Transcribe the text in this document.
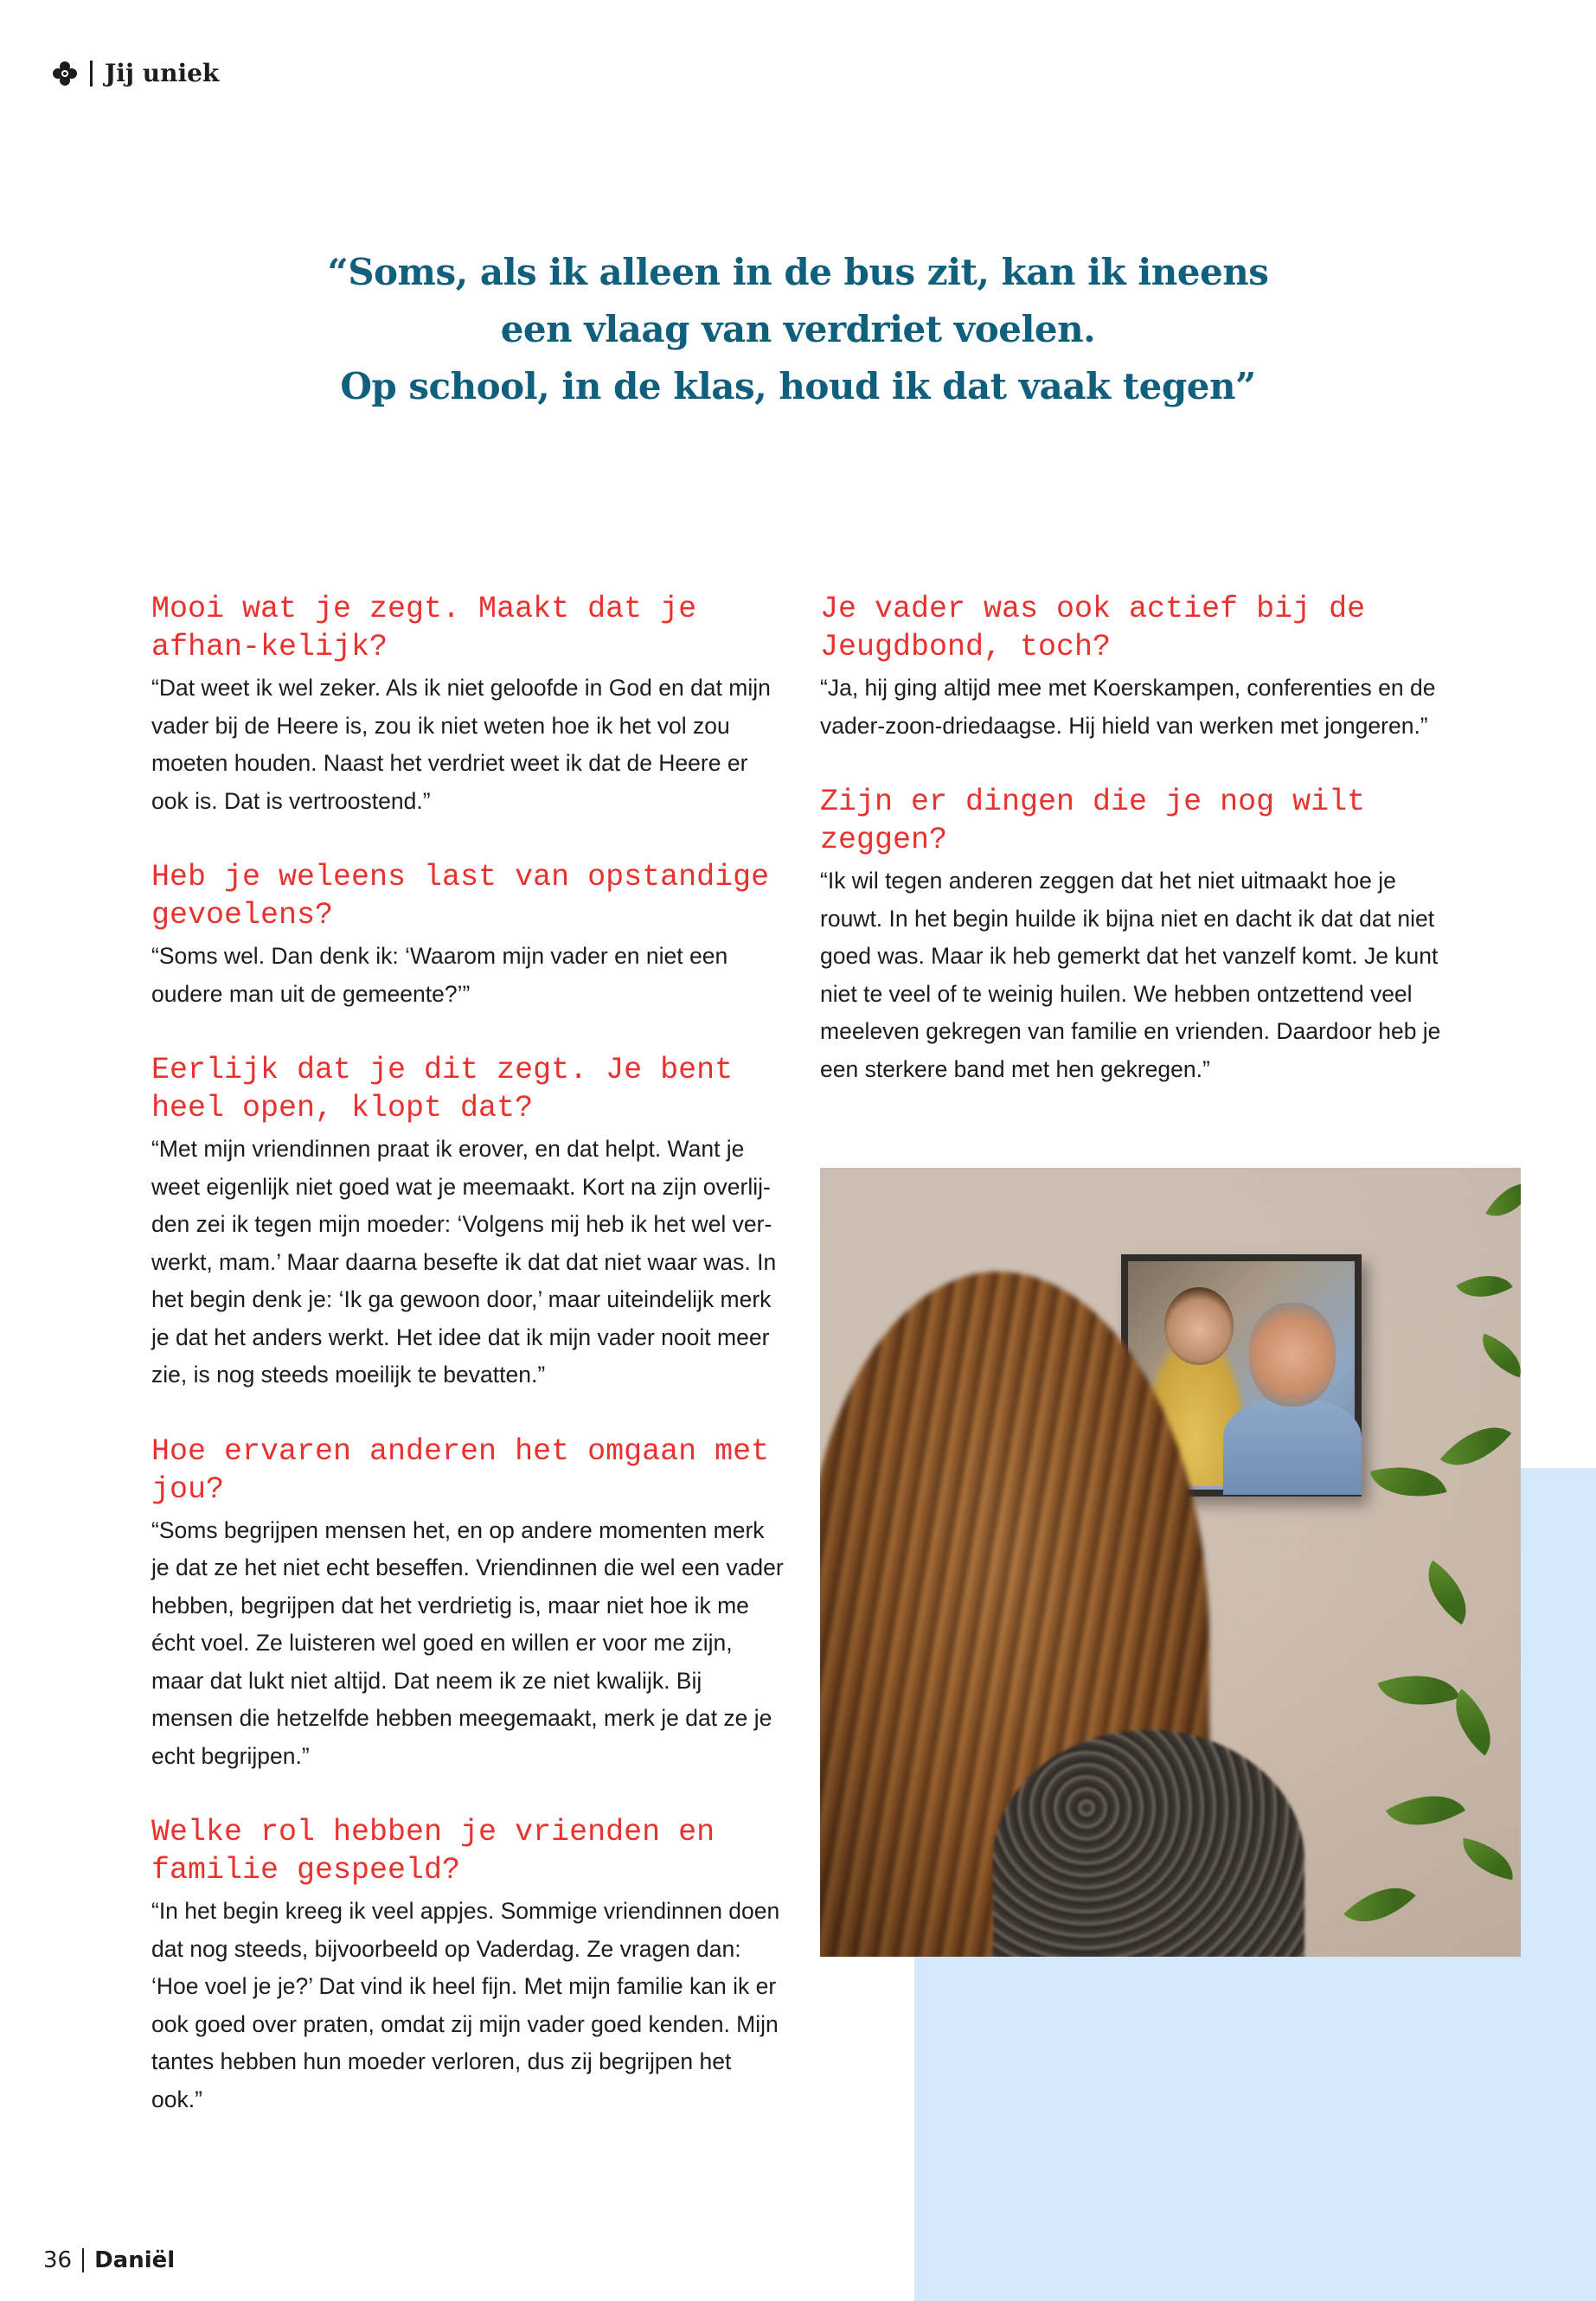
Jij uniek
“Soms, als ik alleen in de bus zit, kan ik ineens
een vlaag van verdriet voelen.
Op school, in de klas, houd ik dat vaak tegen”
Mooi wat je zegt. Maakt dat je afhan-kelijk?
“Dat weet ik wel zeker. Als ik niet geloofde in God en dat mijn vader bij de Heere is, zou ik niet weten hoe ik het vol zou moeten houden. Naast het verdriet weet ik dat de Heere er ook is. Dat is vertroostend.”
Heb je weleens last van opstandige gevoelens?
“Soms wel. Dan denk ik: ‘Waarom mijn vader en niet een oudere man uit de gemeente?’”
Eerlijk dat je dit zegt. Je bent heel open, klopt dat?
“Met mijn vriendinnen praat ik erover, en dat helpt. Want je weet eigenlijk niet goed wat je meemaakt. Kort na zijn overlij-den zei ik tegen mijn moeder: ‘Volgens mij heb ik het wel ver-werkt, mam.’ Maar daarna besefte ik dat dat niet waar was. In het begin denk je: ‘Ik ga gewoon door,’ maar uiteindelijk merk je dat het anders werkt. Het idee dat ik mijn vader nooit meer zie, is nog steeds moeilijk te bevatten.”
Hoe ervaren anderen het omgaan met jou?
“Soms begrijpen mensen het, en op andere momenten merk je dat ze het niet echt beseffen. Vriendinnen die wel een vader hebben, begrijpen dat het verdrietig is, maar niet hoe ik me écht voel. Ze luisteren wel goed en willen er voor me zijn, maar dat lukt niet altijd. Dat neem ik ze niet kwalijk. Bij mensen die hetzelfde hebben meegemaakt, merk je dat ze je echt begrijpen.”
Welke rol hebben je vrienden en familie gespeeld?
“In het begin kreeg ik veel appjes. Sommige vriendinnen doen dat nog steeds, bijvoorbeeld op Vaderdag. Ze vragen dan: ‘Hoe voel je je?’ Dat vind ik heel fijn. Met mijn familie kan ik er ook goed over praten, omdat zij mijn vader goed kenden. Mijn tantes hebben hun moeder verloren, dus zij begrijpen het ook.”
Je vader was ook actief bij de Jeugdbond, toch?
“Ja, hij ging altijd mee met Koerskampen, conferenties en de vader-zoon-driedaagse. Hij hield van werken met jongeren.”
Zijn er dingen die je nog wilt zeggen?
“Ik wil tegen anderen zeggen dat het niet uitmaakt hoe je rouwt. In het begin huilde ik bijna niet en dacht ik dat dat niet goed was. Maar ik heb gemerkt dat het vanzelf komt. Je kunt niet te veel of te weinig huilen. We hebben ontzettend veel meeleven gekregen van familie en vrienden. Daardoor heb je een sterkere band met hen gekregen.”
36 Daniël
